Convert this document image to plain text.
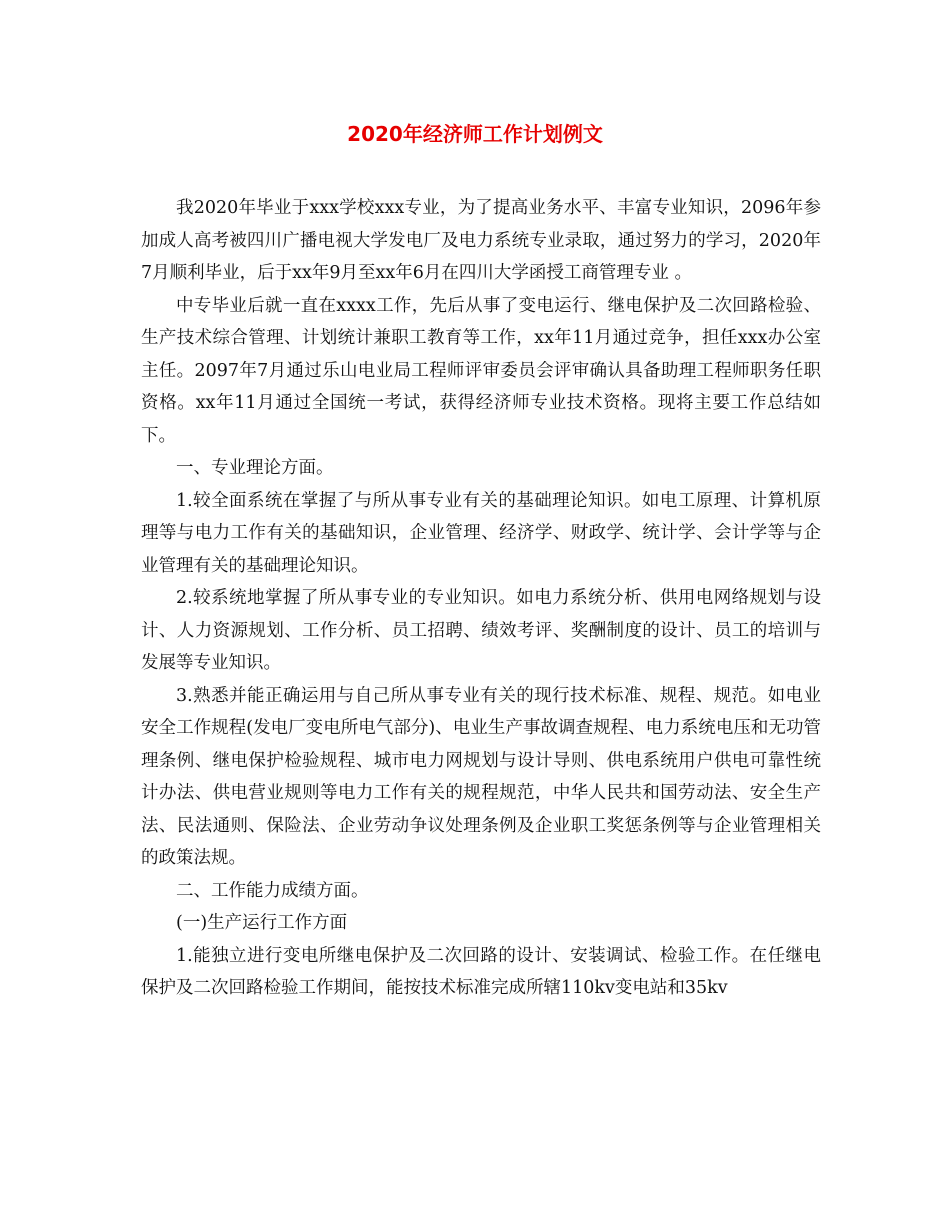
2020年经济师工作计划例文

我2020年毕业于xxx学校xxx专业，为了提高业务水平、丰富专业知识，2096年参加成人高考被四川广播电视大学发电厂及电力系统专业录取，通过努力的学习，2020年7月顺利毕业，后于xx年9月至xx年6月在四川大学函授工商管理专业 。

中专毕业后就一直在xxxx工作，先后从事了变电运行、继电保护及二次回路检验、生产技术综合管理、计划统计兼职工教育等工作，xx年11月通过竞争，担任xxx办公室主任。2097年7月通过乐山电业局工程师评审委员会评审确认具备助理工程师职务任职资格。xx年11月通过全国统一考试，获得经济师专业技术资格。现将主要工作总结如下。

一、专业理论方面。

1.较全面系统在掌握了与所从事专业有关的基础理论知识。如电工原理、计算机原理等与电力工作有关的基础知识，企业管理、经济学、财政学、统计学、会计学等与企业管理有关的基础理论知识。

2.较系统地掌握了所从事专业的专业知识。如电力系统分析、供用电网络规划与设计、人力资源规划、工作分析、员工招聘、绩效考评、奖酬制度的设计、员工的培训与发展等专业知识。

3.熟悉并能正确运用与自己所从事专业有关的现行技术标准、规程、规范。如电业安全工作规程(发电厂变电所电气部分)、电业生产事故调查规程、电力系统电压和无功管理条例、继电保护检验规程、城市电力网规划与设计导则、供电系统用户供电可靠性统计办法、供电营业规则等电力工作有关的规程规范，中华人民共和国劳动法、安全生产法、民法通则、保险法、企业劳动争议处理条例及企业职工奖惩条例等与企业管理相关的政策法规。

二、工作能力成绩方面。

(一)生产运行工作方面

1.能独立进行变电所继电保护及二次回路的设计、安装调试、检验工作。在任继电保护及二次回路检验工作期间，能按技术标准完成所辖110kv变电站和35kv
